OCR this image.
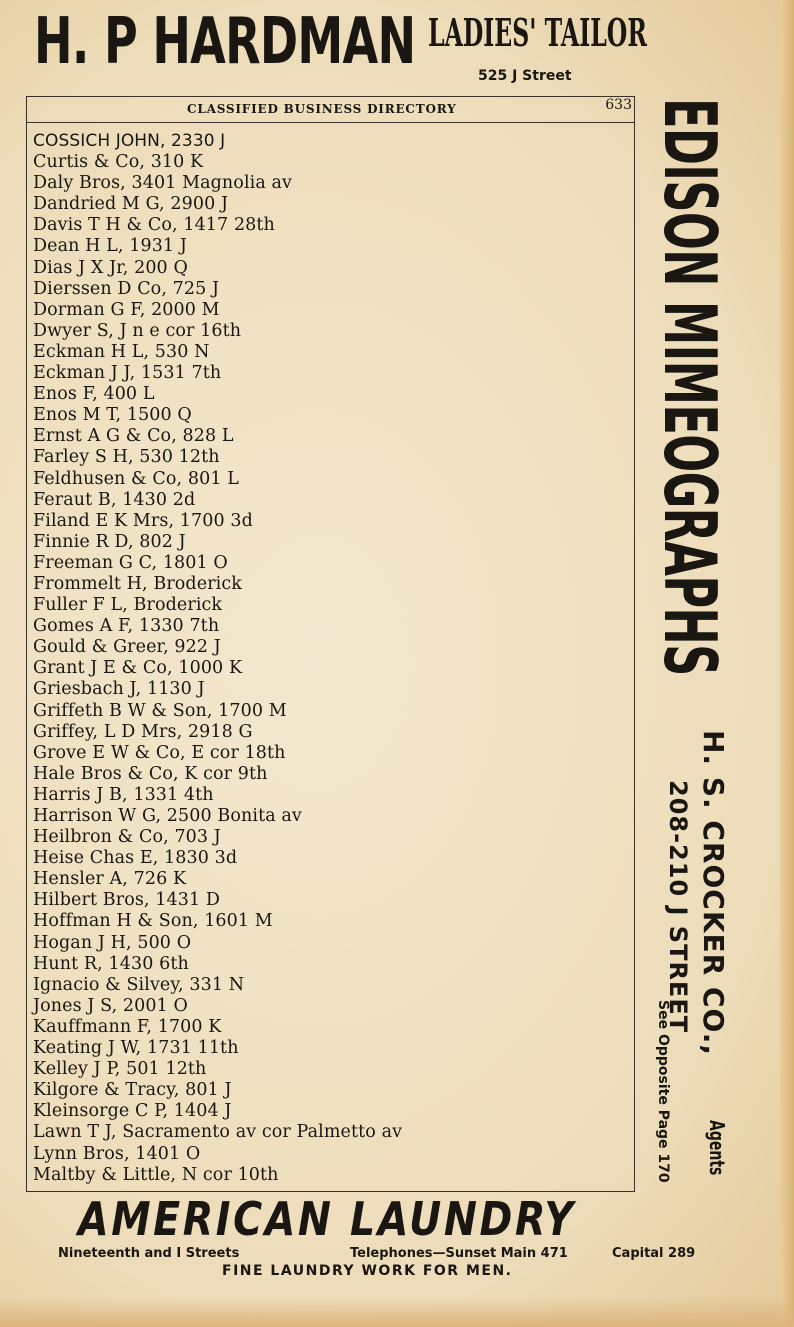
H. P HARDMAN LADIES' TAILOR
525 J Street
CLASSIFIED BUSINESS DIRECTORY	633
COSSICH JOHN, 2330 J
Curtis & Co, 310 K
Daly Bros, 3401 Magnolia av
Dandried M G, 2900 J
Davis T H & Co, 1417 28th
Dean H L, 1931 J
Dias J X Jr, 200 Q
Dierssen D Co, 725 J
Dorman G F, 2000 M
Dwyer S, J n e cor 16th
Eckman H L, 530 N
Eckman J J, 1531 7th
Enos F, 400 L
Enos M T, 1500 Q
Ernst A G & Co, 828 L
Farley S H, 530 12th
Feldhusen & Co, 801 L
Feraut B, 1430 2d
Filand E K Mrs, 1700 3d
Finnie R D, 802 J
Freeman G C, 1801 O
Frommelt H, Broderick
Fuller F L, Broderick
Gomes A F, 1330 7th
Gould & Greer, 922 J
Grant J E & Co, 1000 K
Griesbach J, 1130 J
Griffeth B W & Son, 1700 M
Griffey, L D Mrs, 2918 G
Grove E W & Co, E cor 18th
Hale Bros & Co, K cor 9th
Harris J B, 1331 4th
Harrison W G, 2500 Bonita av
Heilbron & Co, 703 J
Heise Chas E, 1830 3d
Hensler A, 726 K
Hilbert Bros, 1431 D
Hoffman H & Son, 1601 M
Hogan J H, 500 O
Hunt R, 1430 6th
Ignacio & Silvey, 331 N
Jones J S, 2001 O
Kauffmann F, 1700 K
Keating J W, 1731 11th
Kelley J P, 501 12th
Kilgore & Tracy, 801 J
Kleinsorge C P, 1404 J
Lawn T J, Sacramento av cor Palmetto av
Lynn Bros, 1401 O
Maltby & Little, N cor 10th
EDISON MIMEOGRAPHS
H. S. CROCKER CO.,
Agents
208-210 J STREET
See Opposite Page 170
AMERICAN LAUNDRY
Nineteenth and I Streets	Telephones—Sunset Main 471	Capital 289
FINE LAUNDRY WORK FOR MEN.
